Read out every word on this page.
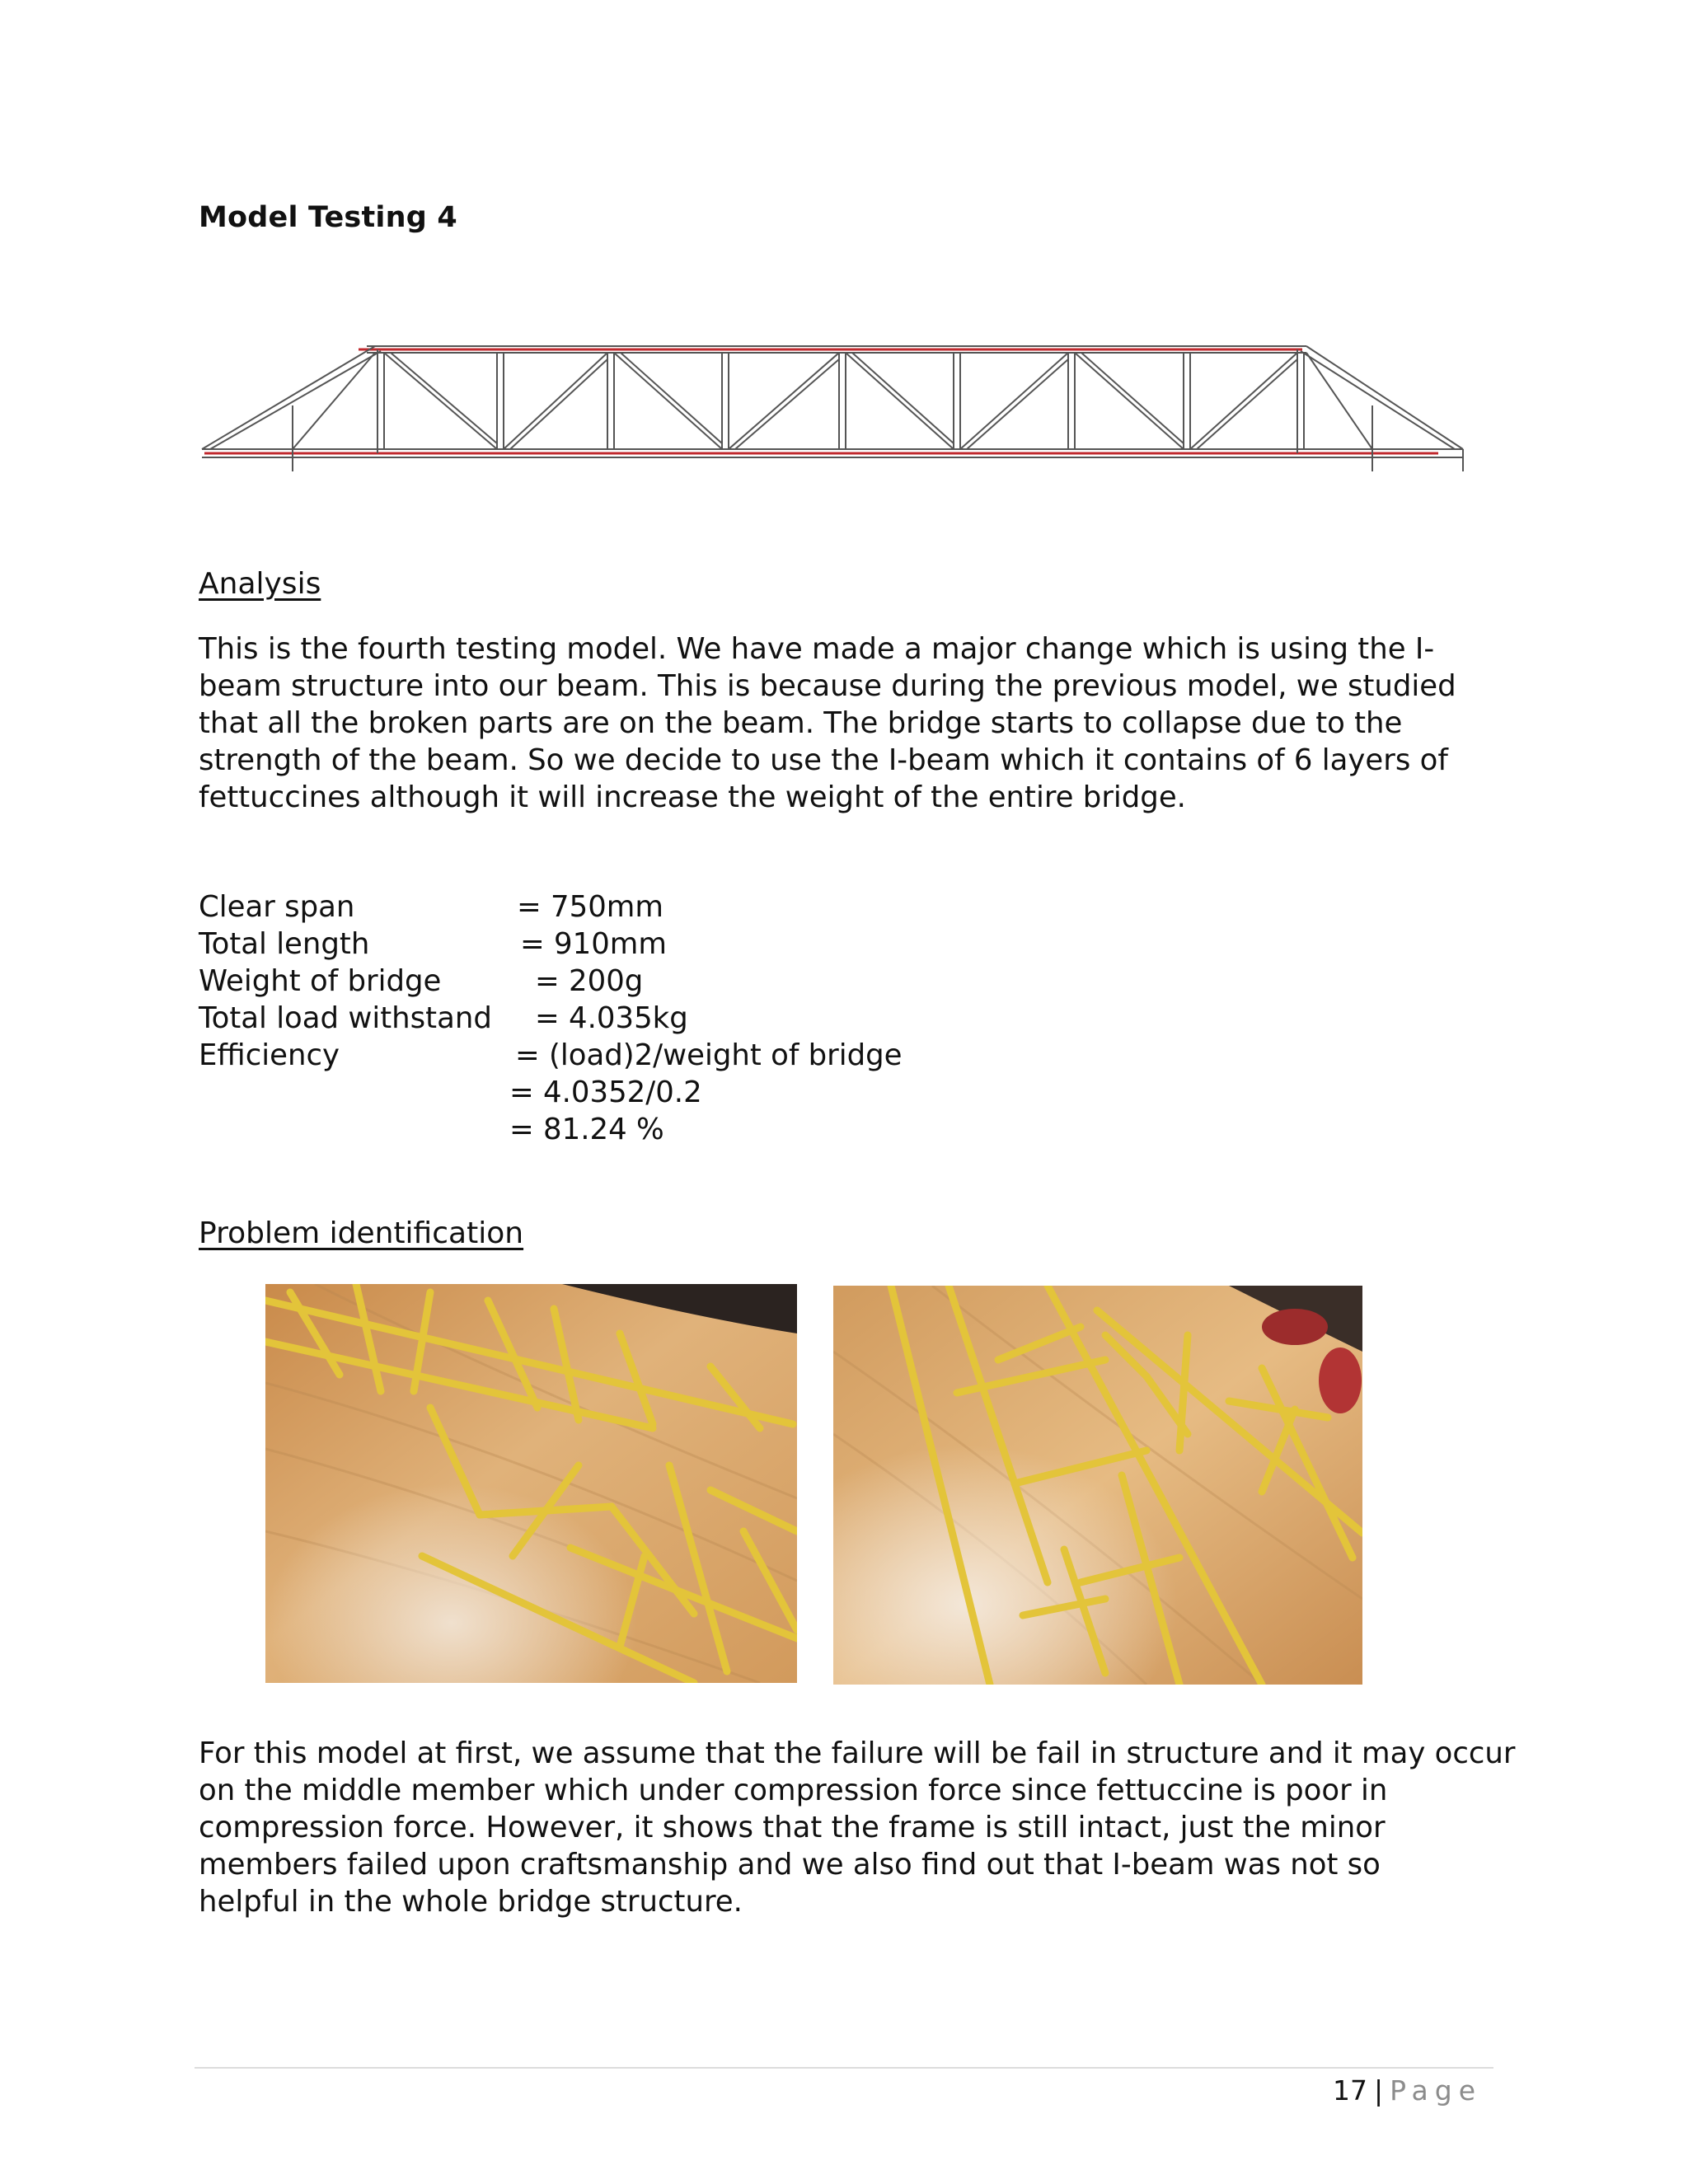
Model Testing 4
Analysis

This is the fourth testing model. We have made a major change which is using the I-

beam structure into our beam. This is because during the previous model, we studied

that all the broken parts are on the beam. The bridge starts to collapse due to the

strength of the beam. So we decide to use the I-beam which it contains of 6 layers of

fettuccines although it will increase the weight of the entire bridge.

Clear span	= 750mm
Total length	= 910mm
Weight of bridge	= 200g
Total load withstand = 4.035kg
Efficiency	= (load)2/weight of bridge
= 4.0352/0.2
= 81.24 %
Problem identification

For this model at first, we assume that the failure will be fail in structure and it may occur

on the middle member which under compression force since fettuccine is poor in

compression force. However, it shows that the frame is still intact, just the minor

members failed upon craftsmanship and we also find out that I-beam was not so

helpful in the whole bridge structure.

17 | Page
